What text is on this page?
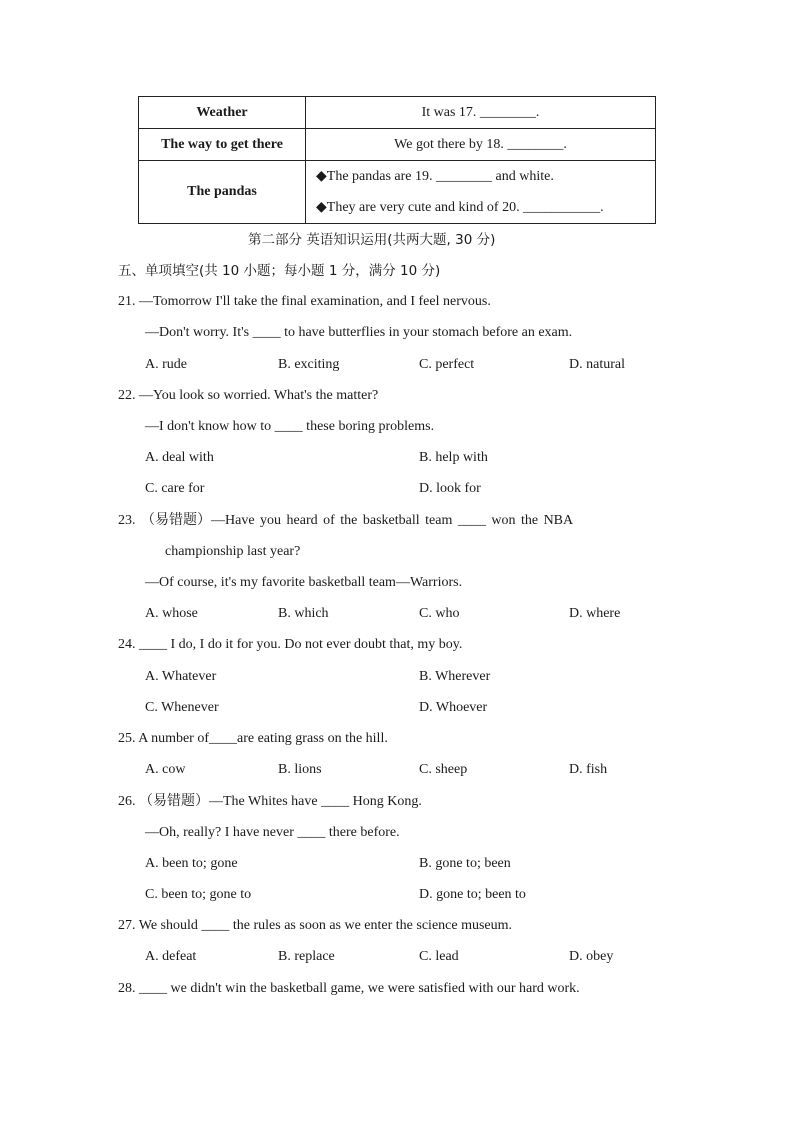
Weather	It was 17. ________.
The way to get there	We got there by 18. ________.
The pandas	◆The pandas are 19. ________ and white.
◆They are very cute and kind of 20. ___________.
第二部分 英语知识运用(共两大题, 30 分)
五、单项填空(共 10 小题；每小题 1 分，满分 10 分)
21. —Tomorrow I'll take the final examination, and I feel nervous.
—Don't worry. It's ____ to have butterflies in your stomach before an exam.
A. rude	B. exciting	C. perfect	D. natural
22. —You look so worried. What's the matter?
—I don't know how to ____ these boring problems.
A. deal with	B. help with
C. care for	D. look for
23. （易错题）—Have you heard of the basketball team ____ won the NBA
championship last year?
—Of course, it's my favorite basketball team—Warriors.
A. whose	B. which	C. who	D. where
24. ____ I do, I do it for you. Do not ever doubt that, my boy.
A. Whatever	B. Wherever
C. Whenever	D. Whoever
25. A number of____are eating grass on the hill.
A. cow	B. lions	C. sheep	D. fish
26. （易错题）—The Whites have ____ Hong Kong.
—Oh, really? I have never ____ there before.
A. been to; gone	B. gone to; been
C. been to; gone to	D. gone to; been to
27. We should ____ the rules as soon as we enter the science museum.
A. defeat	B. replace	C. lead	D. obey
28. ____ we didn't win the basketball game, we were satisfied with our hard work.
